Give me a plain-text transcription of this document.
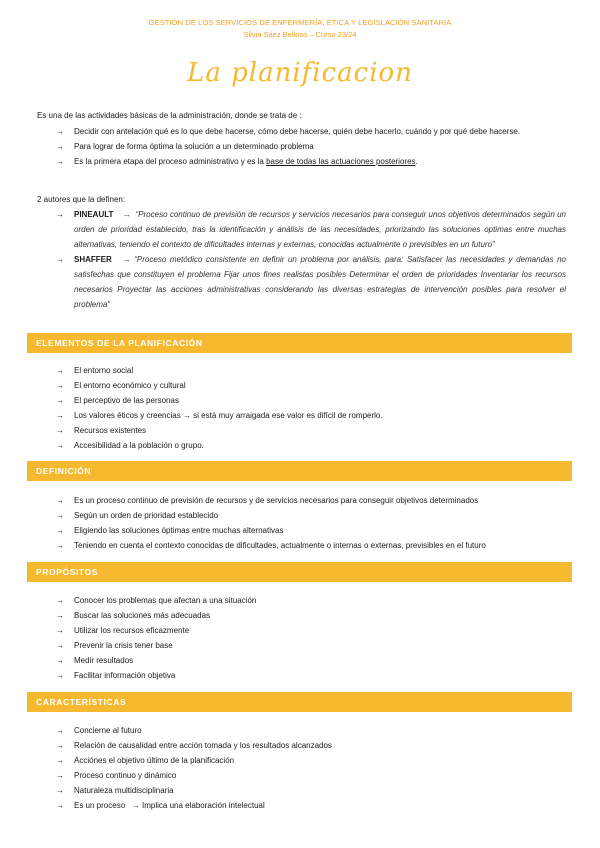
GESTIÓN DE LOS SERVICIOS DE ENFERMERÍA, ÉTICA Y LEGISLACIÓN SANITARIA
Silvia Sáez Belloso – Curso 23/24
La planificacion
Es una de las actividades básicas de la administración, donde se trata de :
→ Decidir con antelación qué es lo que debe hacerse, cómo debe hacerse, quién debe hacerlo, cuándo y por qué debe hacerse.
→ Para lograr de forma óptima la solución a un determinado problema
→ Es la primera etapa del proceso administrativo y es la base de todas las actuaciones posteriores.
2 autores que la definen:
→ PINEAULT → “Proceso continuo de previsión de recursos y servicios necesarios para conseguir unos objetivos determinados según un orden de prioridad establecido, tras la identificación y análisis de las necesidades, priorizando las soluciones optimas entre muchas alternativas, teniendo el contexto de dificultades internas y externas, conocidas actualmente o previsibles en un futuro”
→ SHAFFER → “Proceso metódico consistente en definir un problema por análisis, para: Satisfacer las necesidades y demandas no satisfechas que constituyen el problema Fijar unos fines realistas posibles Determinar el orden de prioridades Inventariar los recursos necesarios Proyectar las acciones administrativas considerando las diversas estrategias de intervención posibles para resolver el problema”
ELEMENTOS DE LA PLANIFICACIÓN
→ El entorno social
→ El entorno económico y cultural
→ El perceptivo de las personas
→ Los valores éticos y creencias → si está muy arraigada ese valor es difícil de romperlo.
→ Recursos existentes
→ Accesibilidad a la población o grupo.
DEFINICIÓN
→ Es un proceso continuo de previsión de recursos y de servicios necesarios para conseguir objetivos determinados
→ Según un orden de prioridad establecido
→ Eligiendo las soluciones óptimas entre muchas alternativas
→ Teniendo en cuenta el contexto conocidas de dificultades, actualmente o internas o externas, previsibles en el futuro
PROPÓSITOS
→ Conocer los problemas que afectan a una situación
→ Buscar las soluciones más adecuadas
→ Utilizar los recursos eficazmente
→ Prevenir la crisis tener base
→ Medir resultados
→ Facilitar información objetiva
CARACTERÍSTICAS
→ Concierne al futuro
→ Relación de causalidad entre acción tomada y los resultados alcanzados
→ Acciónes el objetivo último de la planificación
→ Proceso continuo y dinámico
→ Naturaleza multidisciplinaria
→ Es un proceso   → Implica una elaboración intelectual
